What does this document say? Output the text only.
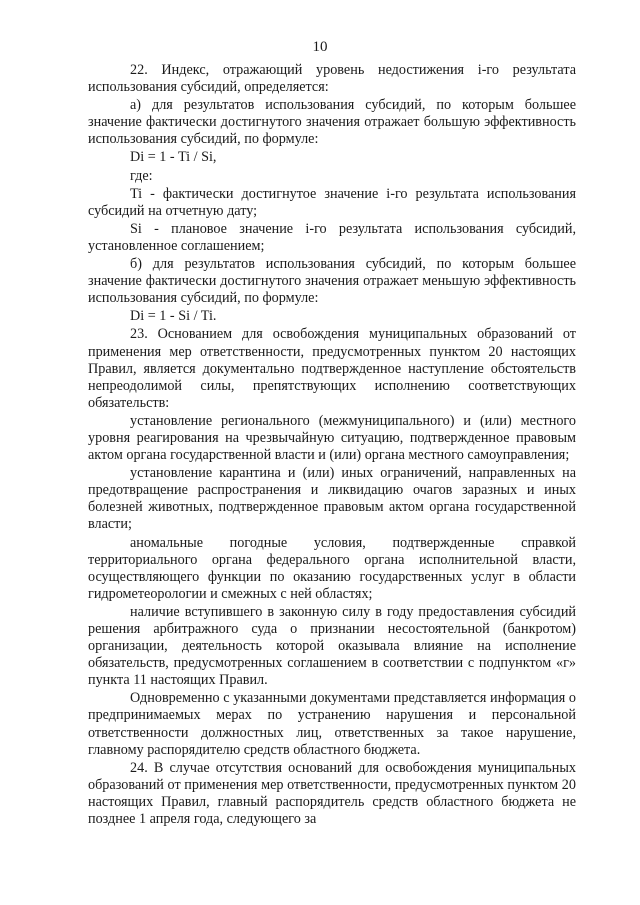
10

22. Индекс, отражающий уровень недостижения i-го результата использования субсидий, определяется:

а) для результатов использования субсидий, по которым большее значение фактически достигнутого значения отражает большую эффективность использования субсидий, по формуле:

Di = 1 - Ti / Si,

где:

Ti - фактически достигнутое значение i-го результата использования субсидий на отчетную дату;

Si - плановое значение i-го результата использования субсидий, установленное соглашением;

б) для результатов использования субсидий, по которым большее значение фактически достигнутого значения отражает меньшую эффективность использования субсидий, по формуле:

Di = 1 - Si / Ti.

23. Основанием для освобождения муниципальных образований от применения мер ответственности, предусмотренных пунктом 20 настоящих Правил, является документально подтвержденное наступление обстоятельств непреодолимой силы, препятствующих исполнению соответствующих обязательств:

установление регионального (межмуниципального) и (или) местного уровня реагирования на чрезвычайную ситуацию, подтвержденное правовым актом органа государственной власти и (или) органа местного самоуправления;

установление карантина и (или) иных ограничений, направленных на предотвращение распространения и ликвидацию очагов заразных и иных болезней животных, подтвержденное правовым актом органа государственной власти;

аномальные погодные условия, подтвержденные справкой территориального органа федерального органа исполнительной власти, осуществляющего функции по оказанию государственных услуг в области гидрометеорологии и смежных с ней областях;

наличие вступившего в законную силу в году предоставления субсидий решения арбитражного суда о признании несостоятельной (банкротом) организации, деятельность которой оказывала влияние на исполнение обязательств, предусмотренных соглашением в соответствии с подпунктом «г» пункта 11 настоящих Правил.

Одновременно с указанными документами представляется информация о предпринимаемых мерах по устранению нарушения и персональной ответственности должностных лиц, ответственных за такое нарушение, главному распорядителю средств областного бюджета.

24. В случае отсутствия оснований для освобождения муниципальных образований от применения мер ответственности, предусмотренных пунктом 20 настоящих Правил, главный распорядитель средств областного бюджета не позднее 1 апреля года, следующего за
